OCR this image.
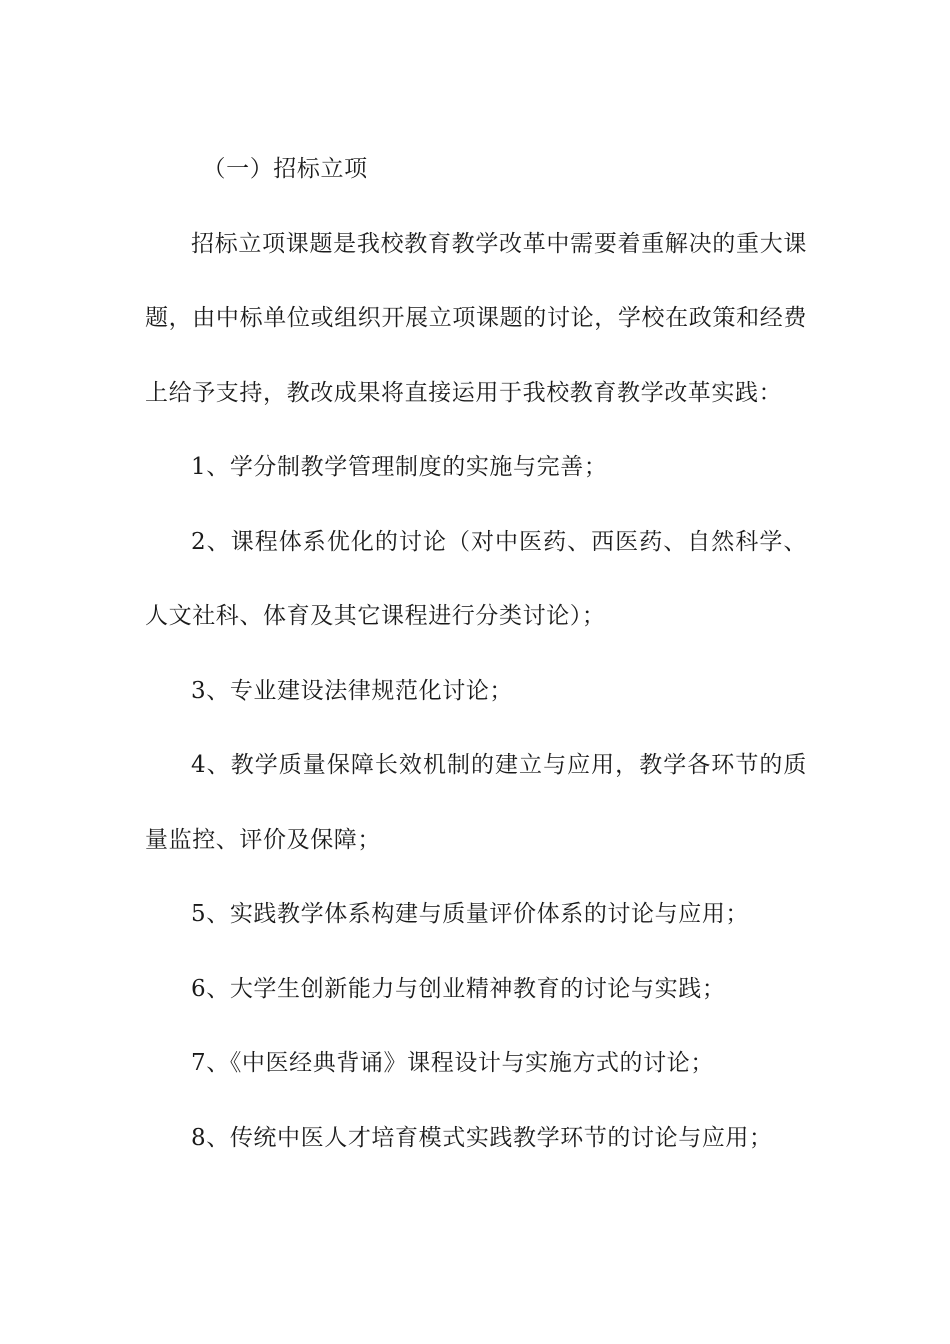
（一）招标立项

招标立项课题是我校教育教学改革中需要着重解决的重大课题，由中标单位或组织开展立项课题的讨论，学校在政策和经费上给予支持，教改成果将直接运用于我校教育教学改革实践：

1、学分制教学管理制度的实施与完善；

2、课程体系优化的讨论（对中医药、西医药、自然科学、人文社科、体育及其它课程进行分类讨论）；

3、专业建设法律规范化讨论；

4、教学质量保障长效机制的建立与应用，教学各环节的质量监控、评价及保障；

5、实践教学体系构建与质量评价体系的讨论与应用；

6、大学生创新能力与创业精神教育的讨论与实践；

7、《中医经典背诵》课程设计与实施方式的讨论；

8、传统中医人才培育模式实践教学环节的讨论与应用；
